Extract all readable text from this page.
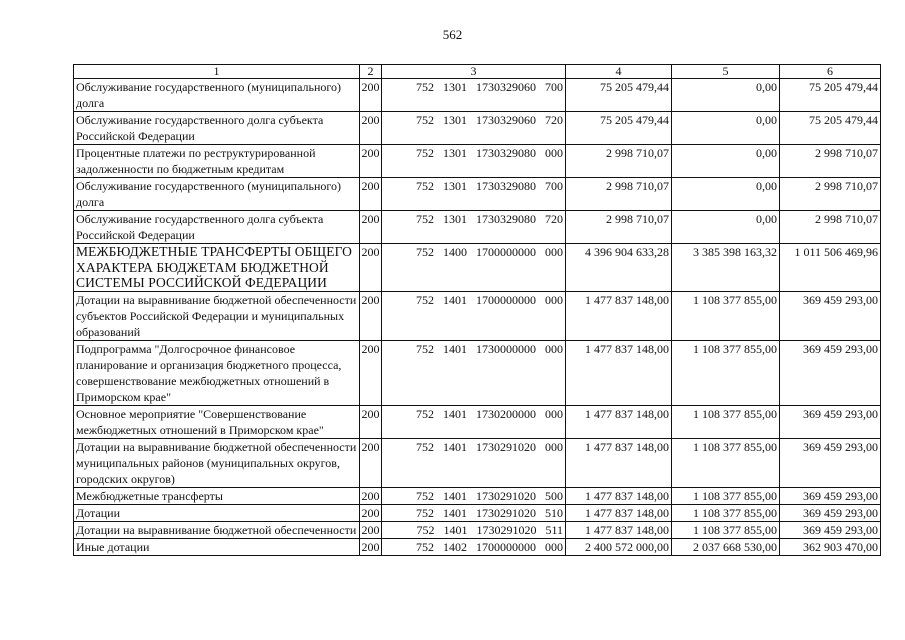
562
1	2	3	4	5	6
Обслуживание государственного (муниципального) долга	200	752 1301 1730329060 700	75 205 479,44	0,00	75 205 479,44
Обслуживание государственного долга субъекта Российской Федерации	200	752 1301 1730329060 720	75 205 479,44	0,00	75 205 479,44
Процентные платежи по реструктурированной задолженности по бюджетным кредитам	200	752 1301 1730329080 000	2 998 710,07	0,00	2 998 710,07
Обслуживание государственного (муниципального) долга	200	752 1301 1730329080 700	2 998 710,07	0,00	2 998 710,07
Обслуживание государственного долга субъекта Российской Федерации	200	752 1301 1730329080 720	2 998 710,07	0,00	2 998 710,07
МЕЖБЮДЖЕТНЫЕ ТРАНСФЕРТЫ ОБЩЕГО ХАРАКТЕРА БЮДЖЕТАМ БЮДЖЕТНОЙ СИСТЕМЫ РОССИЙСКОЙ ФЕДЕРАЦИИ	200	752 1400 1700000000 000	4 396 904 633,28	3 385 398 163,32	1 011 506 469,96
Дотации на выравнивание бюджетной обеспеченности субъектов Российской Федерации и муниципальных образований	200	752 1401 1700000000 000	1 477 837 148,00	1 108 377 855,00	369 459 293,00
Подпрограмма "Долгосрочное финансовое планирование и организация бюджетного процесса, совершенствование межбюджетных отношений в Приморском крае"	200	752 1401 1730000000 000	1 477 837 148,00	1 108 377 855,00	369 459 293,00
Основное мероприятие "Совершенствование межбюджетных отношений в Приморском крае"	200	752 1401 1730200000 000	1 477 837 148,00	1 108 377 855,00	369 459 293,00
Дотации на выравнивание бюджетной обеспеченности муниципальных районов (муниципальных округов, городских округов)	200	752 1401 1730291020 000	1 477 837 148,00	1 108 377 855,00	369 459 293,00
Межбюджетные трансферты	200	752 1401 1730291020 500	1 477 837 148,00	1 108 377 855,00	369 459 293,00
Дотации	200	752 1401 1730291020 510	1 477 837 148,00	1 108 377 855,00	369 459 293,00
Дотации на выравнивание бюджетной обеспеченности	200	752 1401 1730291020 511	1 477 837 148,00	1 108 377 855,00	369 459 293,00
Иные дотации	200	752 1402 1700000000 000	2 400 572 000,00	2 037 668 530,00	362 903 470,00
